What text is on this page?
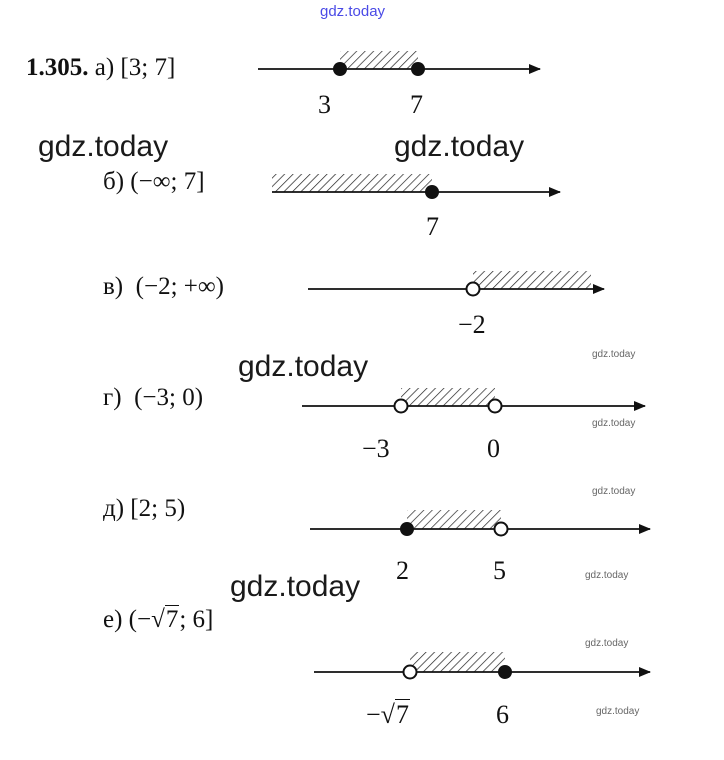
gdz.today
1.305. а) [3; 7]
3	7
б) (−∞; 7]
7
в) (−2; +∞)
−2
г) (−3; 0)
−3	0
д) [2; 5)
2	5
е) (−√7; 6]
−√7	6
gdz.today	gdz.today
gdz.today
gdz.today
gdz.today
gdz.today
gdz.today
gdz.today
gdz.today
gdz.today
